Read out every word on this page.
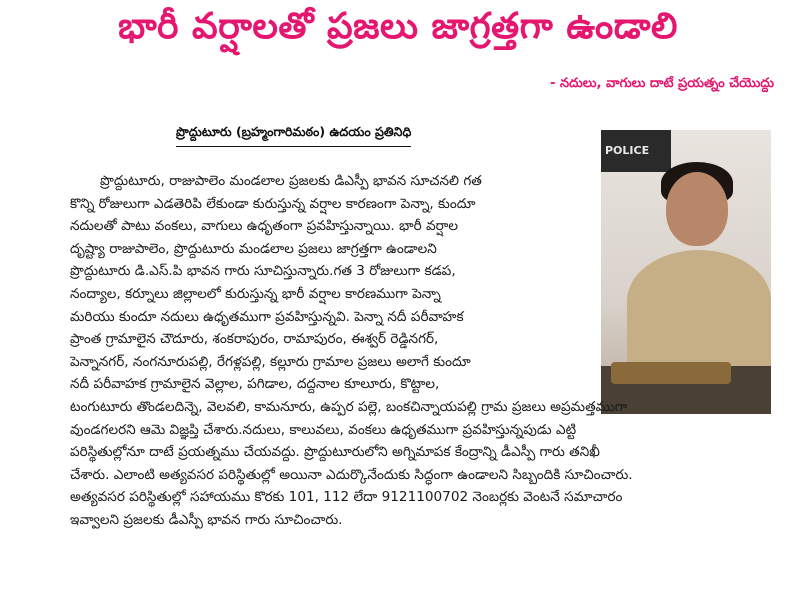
భారీ వర్షాలతో ప్రజలు జాగ్రత్తగా ఉండాలి
- నదులు, వాగులు దాటే ప్రయత్నం చేయొద్దు
ప్రొద్దుటూరు (బ్రహ్మంగారిమఠం) ఉదయం ప్రతినిధి
POLICE
ప్రొద్దుటూరు, రాజుపాలెం మండలాల ప్రజలకు డిఎస్పీ భావన సూచనలి గత
కొన్ని రోజులుగా ఎడతెరిపి లేకుండా కురుస్తున్న వర్షాల కారణంగా పెన్నా, కుందూ
నదులతో పాటు వంకలు, వాగులు ఉధృతంగా ప్రవహిస్తున్నాయి. భారీ వర్షాల
దృష్ట్యా రాజుపాలెం, ప్రొద్దుటూరు మండలాల ప్రజలు జాగ్రత్తగా ఉండాలని
ప్రొద్దుటూరు డి.ఎస్.పి భావన గారు సూచిస్తున్నారు.గత 3 రోజులుగా కడప,
నంద్యాల, కర్నూలు జిల్లాలలో కురుస్తున్న భారీ వర్షాల కారణముగా పెన్నా
మరియు కుందూ నదులు ఉధృతముగా ప్రవహిస్తున్నవి. పెన్నా నదీ పరీవాహక
ప్రాంత గ్రామాలైన చౌదూరు, శంకరాపురం, రామాపురం, ఈశ్వర్ రెడ్డినగర్,
పెన్నానగర్, నంగనూరుపల్లి, రేగళ్లపల్లి, కల్లూరు గ్రామాల ప్రజలు అలాగే కుందూ
నదీ పరీవాహక గ్రామాలైన వెల్లాల, పగిడాల, దద్దనాల కూలూరు, కొట్టాల,
టంగుటూరు తొండలదిన్నె, వెలవలి, కామనూరు, ఉప్పర పల్లె, బంకచిన్నాయపల్లి గ్రామ ప్రజలు అప్రమత్తముగా
వుండగలరని ఆమె విజ్ఞప్తి చేశారు.నదులు, కాలువలు, వంకలు ఉధృతముగా ప్రవహిస్తున్నపుడు ఎట్టి
పరిస్థితుల్లోనూ దాటే ప్రయత్నము చేయవద్దు. ప్రొద్దుటూరులోని అగ్నిమాపక కేంద్రాన్ని డీఎస్పీ గారు తనిఖీ
చేశారు. ఎలాంటి అత్యవసర పరిస్థితుల్లో అయినా ఎదుర్కొనేందుకు సిద్ధంగా ఉండాలని సిబ్బందికి సూచించారు.
అత్యవసర పరిస్థితుల్లో సహాయము కొరకు 101, 112 లేదా 9121100702 నెంబర్లకు వెంటనే సమాచారం
ఇవ్వాలని ప్రజలకు డీఎస్పీ భావన గారు సూచించారు.
